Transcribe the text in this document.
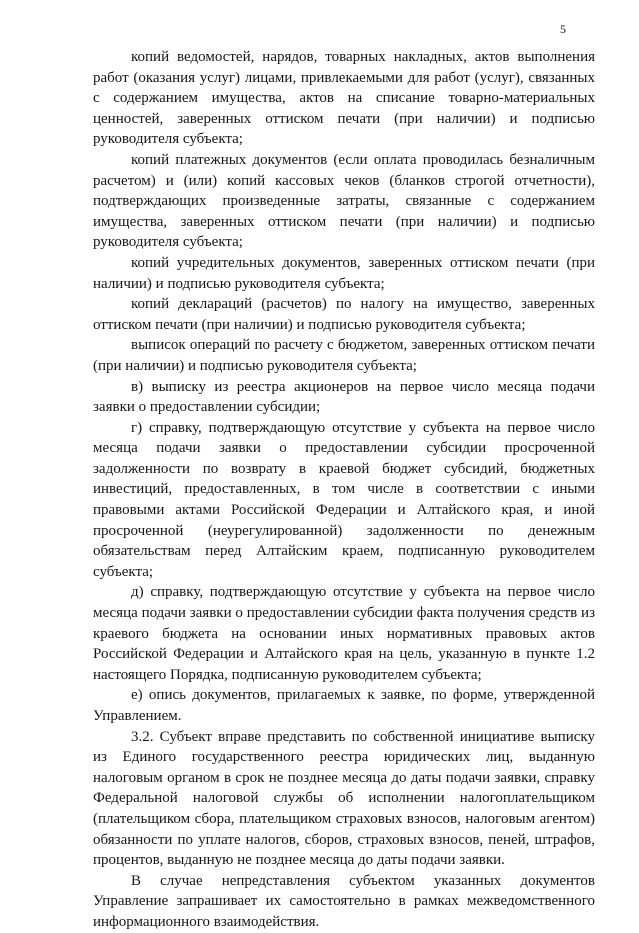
5

копий ведомостей, нарядов, товарных накладных, актов выполнения работ (оказания услуг) лицами, привлекаемыми для работ (услуг), связанных с содержанием имущества, актов на списание товарно-материальных ценностей, заверенных оттиском печати (при наличии) и подписью руководителя субъекта;

копий платежных документов (если оплата проводилась безналичным расчетом) и (или) копий кассовых чеков (бланков строгой отчетности), подтверждающих произведенные затраты, связанные с содержанием имущества, заверенных оттиском печати (при наличии) и подписью руководителя субъекта;

копий учредительных документов, заверенных оттиском печати (при наличии) и подписью руководителя субъекта;

копий деклараций (расчетов) по налогу на имущество, заверенных оттиском печати (при наличии) и подписью руководителя субъекта;

выписок операций по расчету с бюджетом, заверенных оттиском печати (при наличии) и подписью руководителя субъекта;

в) выписку из реестра акционеров на первое число месяца подачи заявки о предоставлении субсидии;

г) справку, подтверждающую отсутствие у субъекта на первое число месяца подачи заявки о предоставлении субсидии просроченной задолженности по возврату в краевой бюджет субсидий, бюджетных инвестиций, предоставленных, в том числе в соответствии с иными правовыми актами Российской Федерации и Алтайского края, и иной просроченной (неурегулированной) задолженности по денежным обязательствам перед Алтайским краем, подписанную руководителем субъекта;

д) справку, подтверждающую отсутствие у субъекта на первое число месяца подачи заявки о предоставлении субсидии факта получения средств из краевого бюджета на основании иных нормативных правовых актов Российской Федерации и Алтайского края на цель, указанную в пункте 1.2 настоящего Порядка, подписанную руководителем субъекта;

е) опись документов, прилагаемых к заявке, по форме, утвержденной Управлением.

3.2. Субъект вправе представить по собственной инициативе выписку из Единого государственного реестра юридических лиц, выданную налоговым органом в срок не позднее месяца до даты подачи заявки, справку Федеральной налоговой службы об исполнении налогоплательщиком (плательщиком сбора, плательщиком страховых взносов, налоговым агентом) обязанности по уплате налогов, сборов, страховых взносов, пеней, штрафов, процентов, выданную не позднее месяца до даты подачи заявки.

В случае непредставления субъектом указанных документов Управление запрашивает их самостоятельно в рамках межведомственного информационного взаимодействия.
